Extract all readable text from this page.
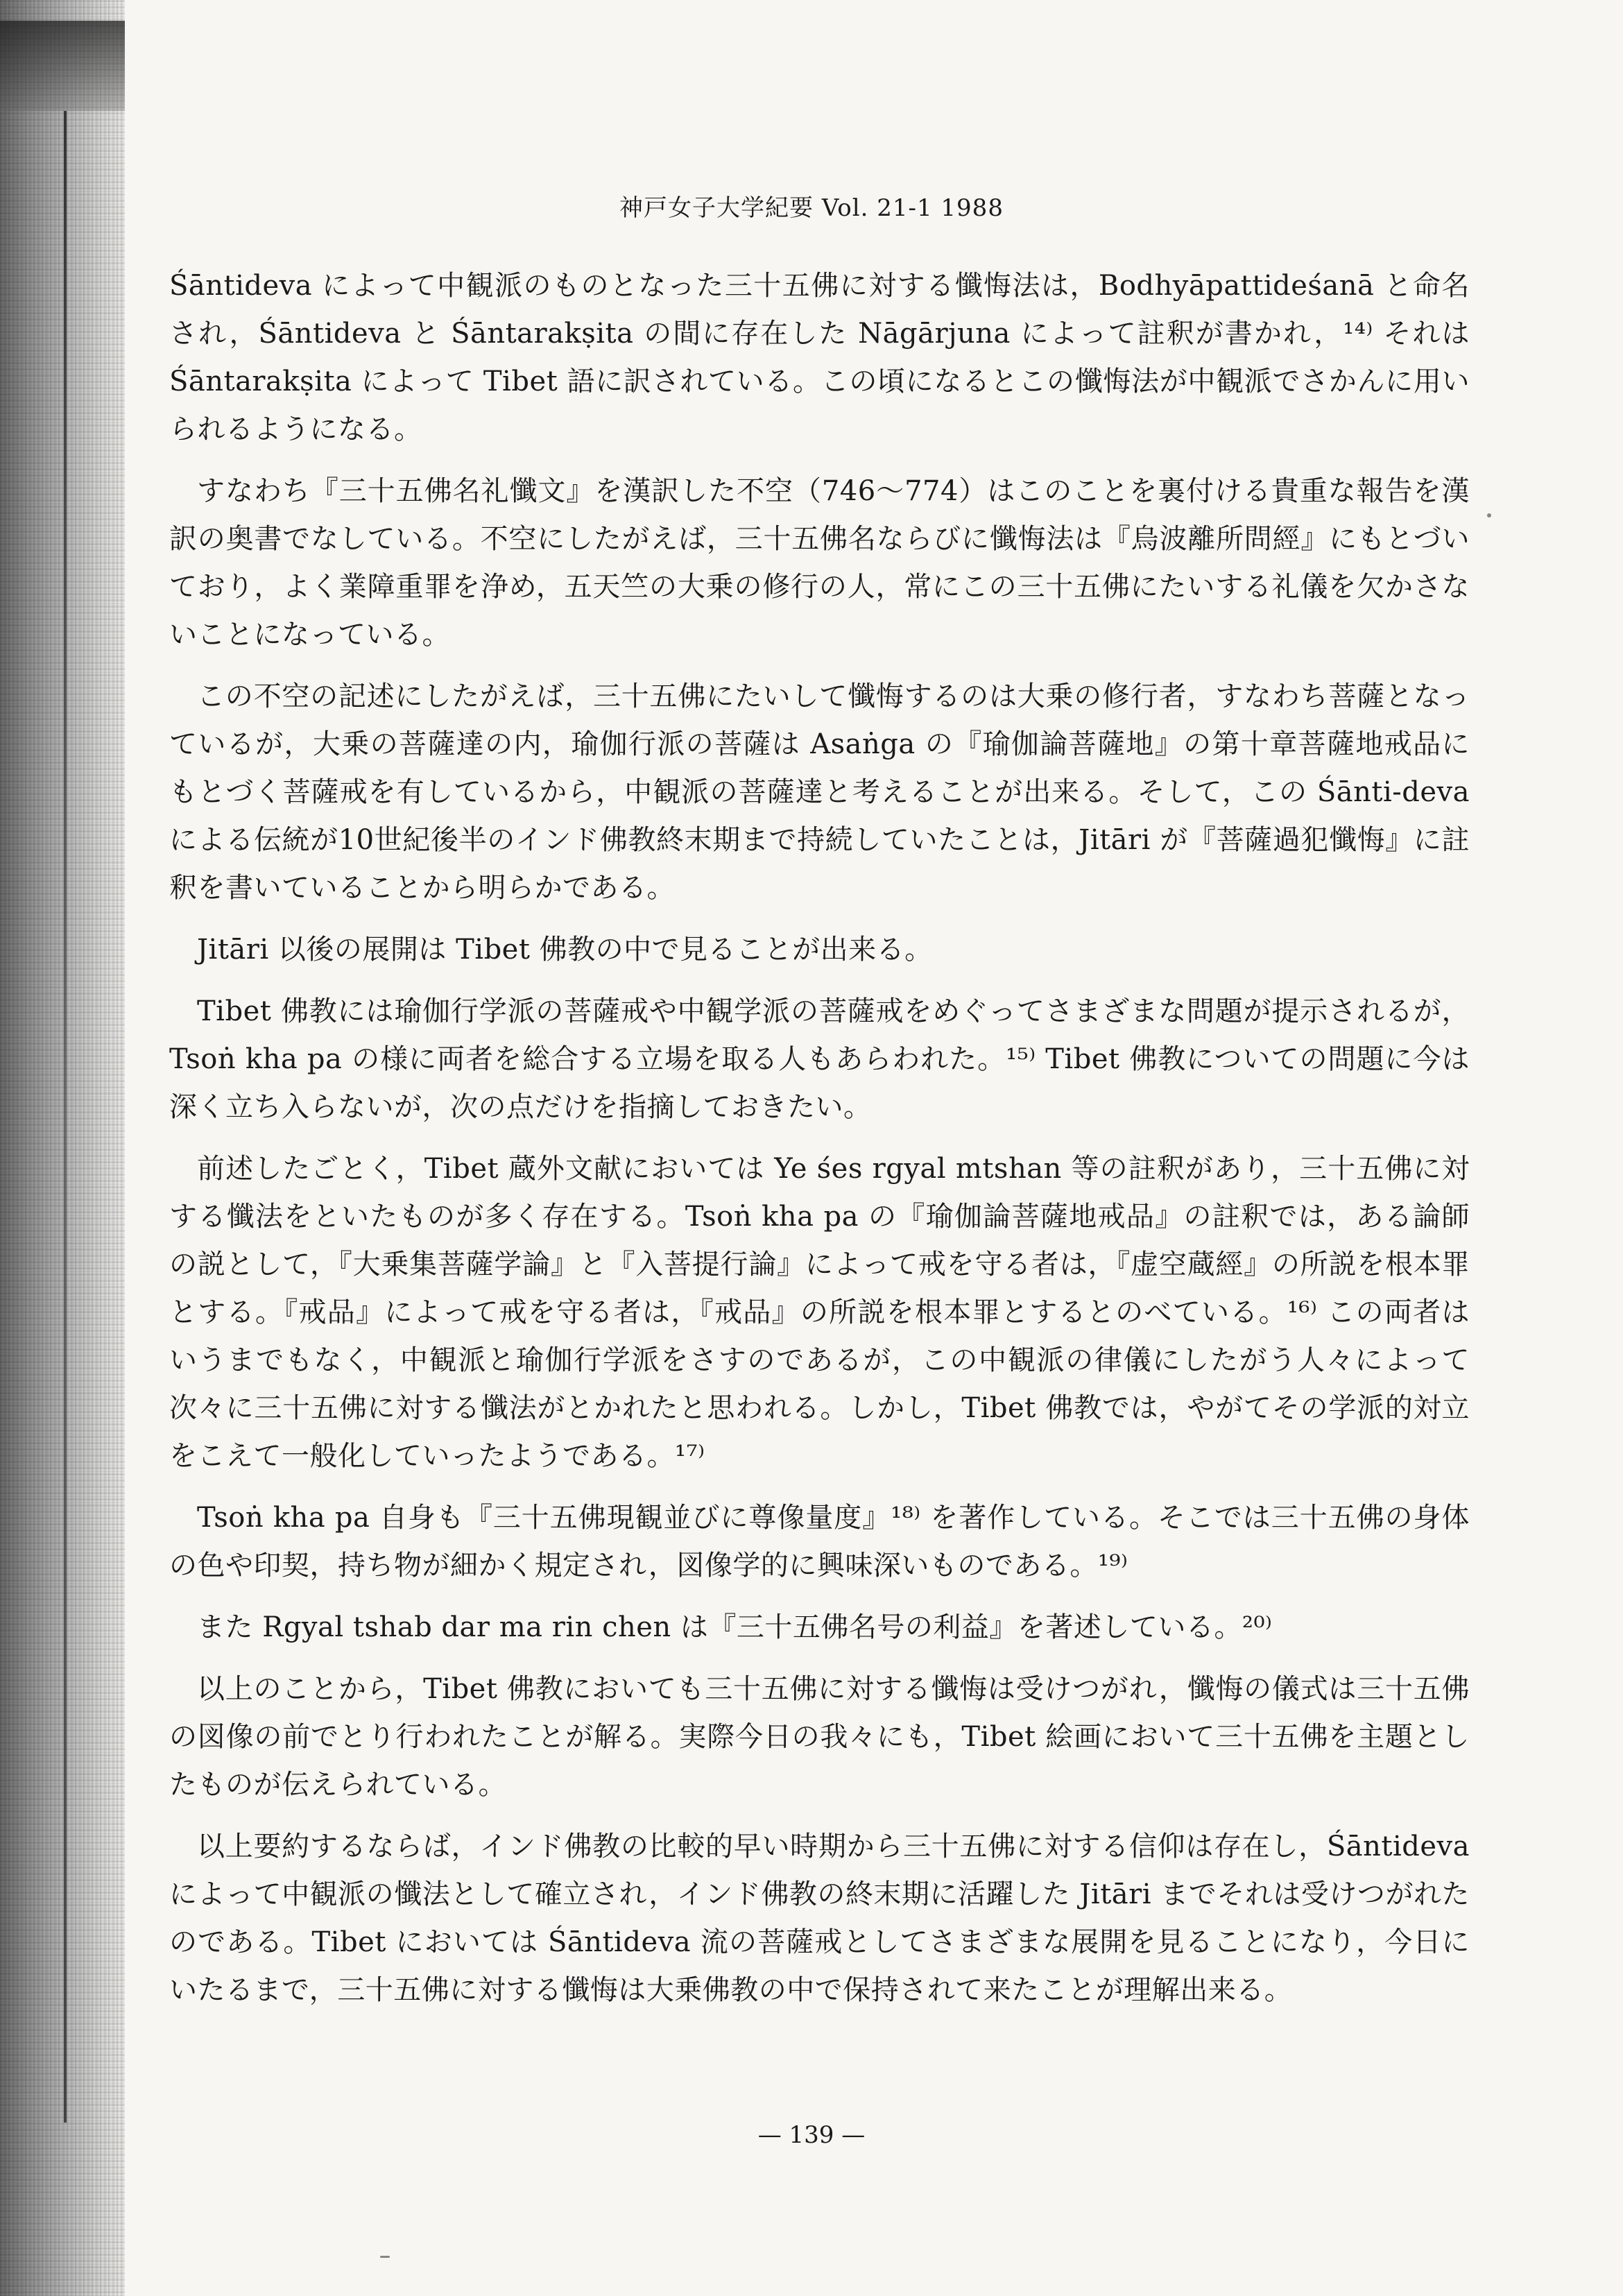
神戸女子大学紀要 Vol. 21-1 1988

Śāntideva によって中観派のものとなった三十五佛に対する懺悔法は，Bodhyāpattideśanā と命名され，Śāntideva と Śāntarakṣita の間に存在した Nāgārjuna によって註釈が書かれ，¹⁴⁾ それは Śāntarakṣita によって Tibet 語に訳されている。この頃になるとこの懺悔法が中観派でさかんに用いられるようになる。

すなわち『三十五佛名礼懺文』を漢訳した不空（746〜774）はこのことを裏付ける貴重な報告を漢訳の奥書でなしている。不空にしたがえば，三十五佛名ならびに懺悔法は『烏波離所問經』にもとづいており，よく業障重罪を浄め，五天竺の大乗の修行の人，常にこの三十五佛にたいする礼儀を欠かさないことになっている。

この不空の記述にしたがえば，三十五佛にたいして懺悔するのは大乗の修行者，すなわち菩薩となっているが，大乗の菩薩達の内，瑜伽行派の菩薩は Asaṅga の『瑜伽論菩薩地』の第十章菩薩地戒品にもとづく菩薩戒を有しているから，中観派の菩薩達と考えることが出来る。そして，この Śānti-deva による伝統が10世紀後半のインド佛教終末期まで持続していたことは，Jitāri が『菩薩過犯懺悔』に註釈を書いていることから明らかである。

Jitāri 以後の展開は Tibet 佛教の中で見ることが出来る。

Tibet 佛教には瑜伽行学派の菩薩戒や中観学派の菩薩戒をめぐってさまざまな問題が提示されるが，Tsoṅ kha pa の様に両者を総合する立場を取る人もあらわれた。¹⁵⁾ Tibet 佛教についての問題に今は深く立ち入らないが，次の点だけを指摘しておきたい。

前述したごとく，Tibet 蔵外文献においては Ye śes rgyal mtshan 等の註釈があり，三十五佛に対する懺法をといたものが多く存在する。Tsoṅ kha pa の『瑜伽論菩薩地戒品』の註釈では，ある論師の説として，『大乗集菩薩学論』と『入菩提行論』によって戒を守る者は，『虚空蔵經』の所説を根本罪とする。『戒品』によって戒を守る者は，『戒品』の所説を根本罪とするとのべている。¹⁶⁾ この両者はいうまでもなく，中観派と瑜伽行学派をさすのであるが，この中観派の律儀にしたがう人々によって次々に三十五佛に対する懺法がとかれたと思われる。しかし，Tibet 佛教では，やがてその学派的対立をこえて一般化していったようである。¹⁷⁾

Tsoṅ kha pa 自身も『三十五佛現観並びに尊像量度』¹⁸⁾ を著作している。そこでは三十五佛の身体の色や印契，持ち物が細かく規定され，図像学的に興味深いものである。¹⁹⁾

また Rgyal tshab dar ma rin chen は『三十五佛名号の利益』を著述している。²⁰⁾

以上のことから，Tibet 佛教においても三十五佛に対する懺悔は受けつがれ，懺悔の儀式は三十五佛の図像の前でとり行われたことが解る。実際今日の我々にも，Tibet 絵画において三十五佛を主題としたものが伝えられている。

以上要約するならば，インド佛教の比較的早い時期から三十五佛に対する信仰は存在し，Śāntideva によって中観派の懺法として確立され，インド佛教の終末期に活躍した Jitāri までそれは受けつがれたのである。Tibet においては Śāntideva 流の菩薩戒としてさまざまな展開を見ることになり，今日にいたるまで，三十五佛に対する懺悔は大乗佛教の中で保持されて来たことが理解出来る。

— 139 —
